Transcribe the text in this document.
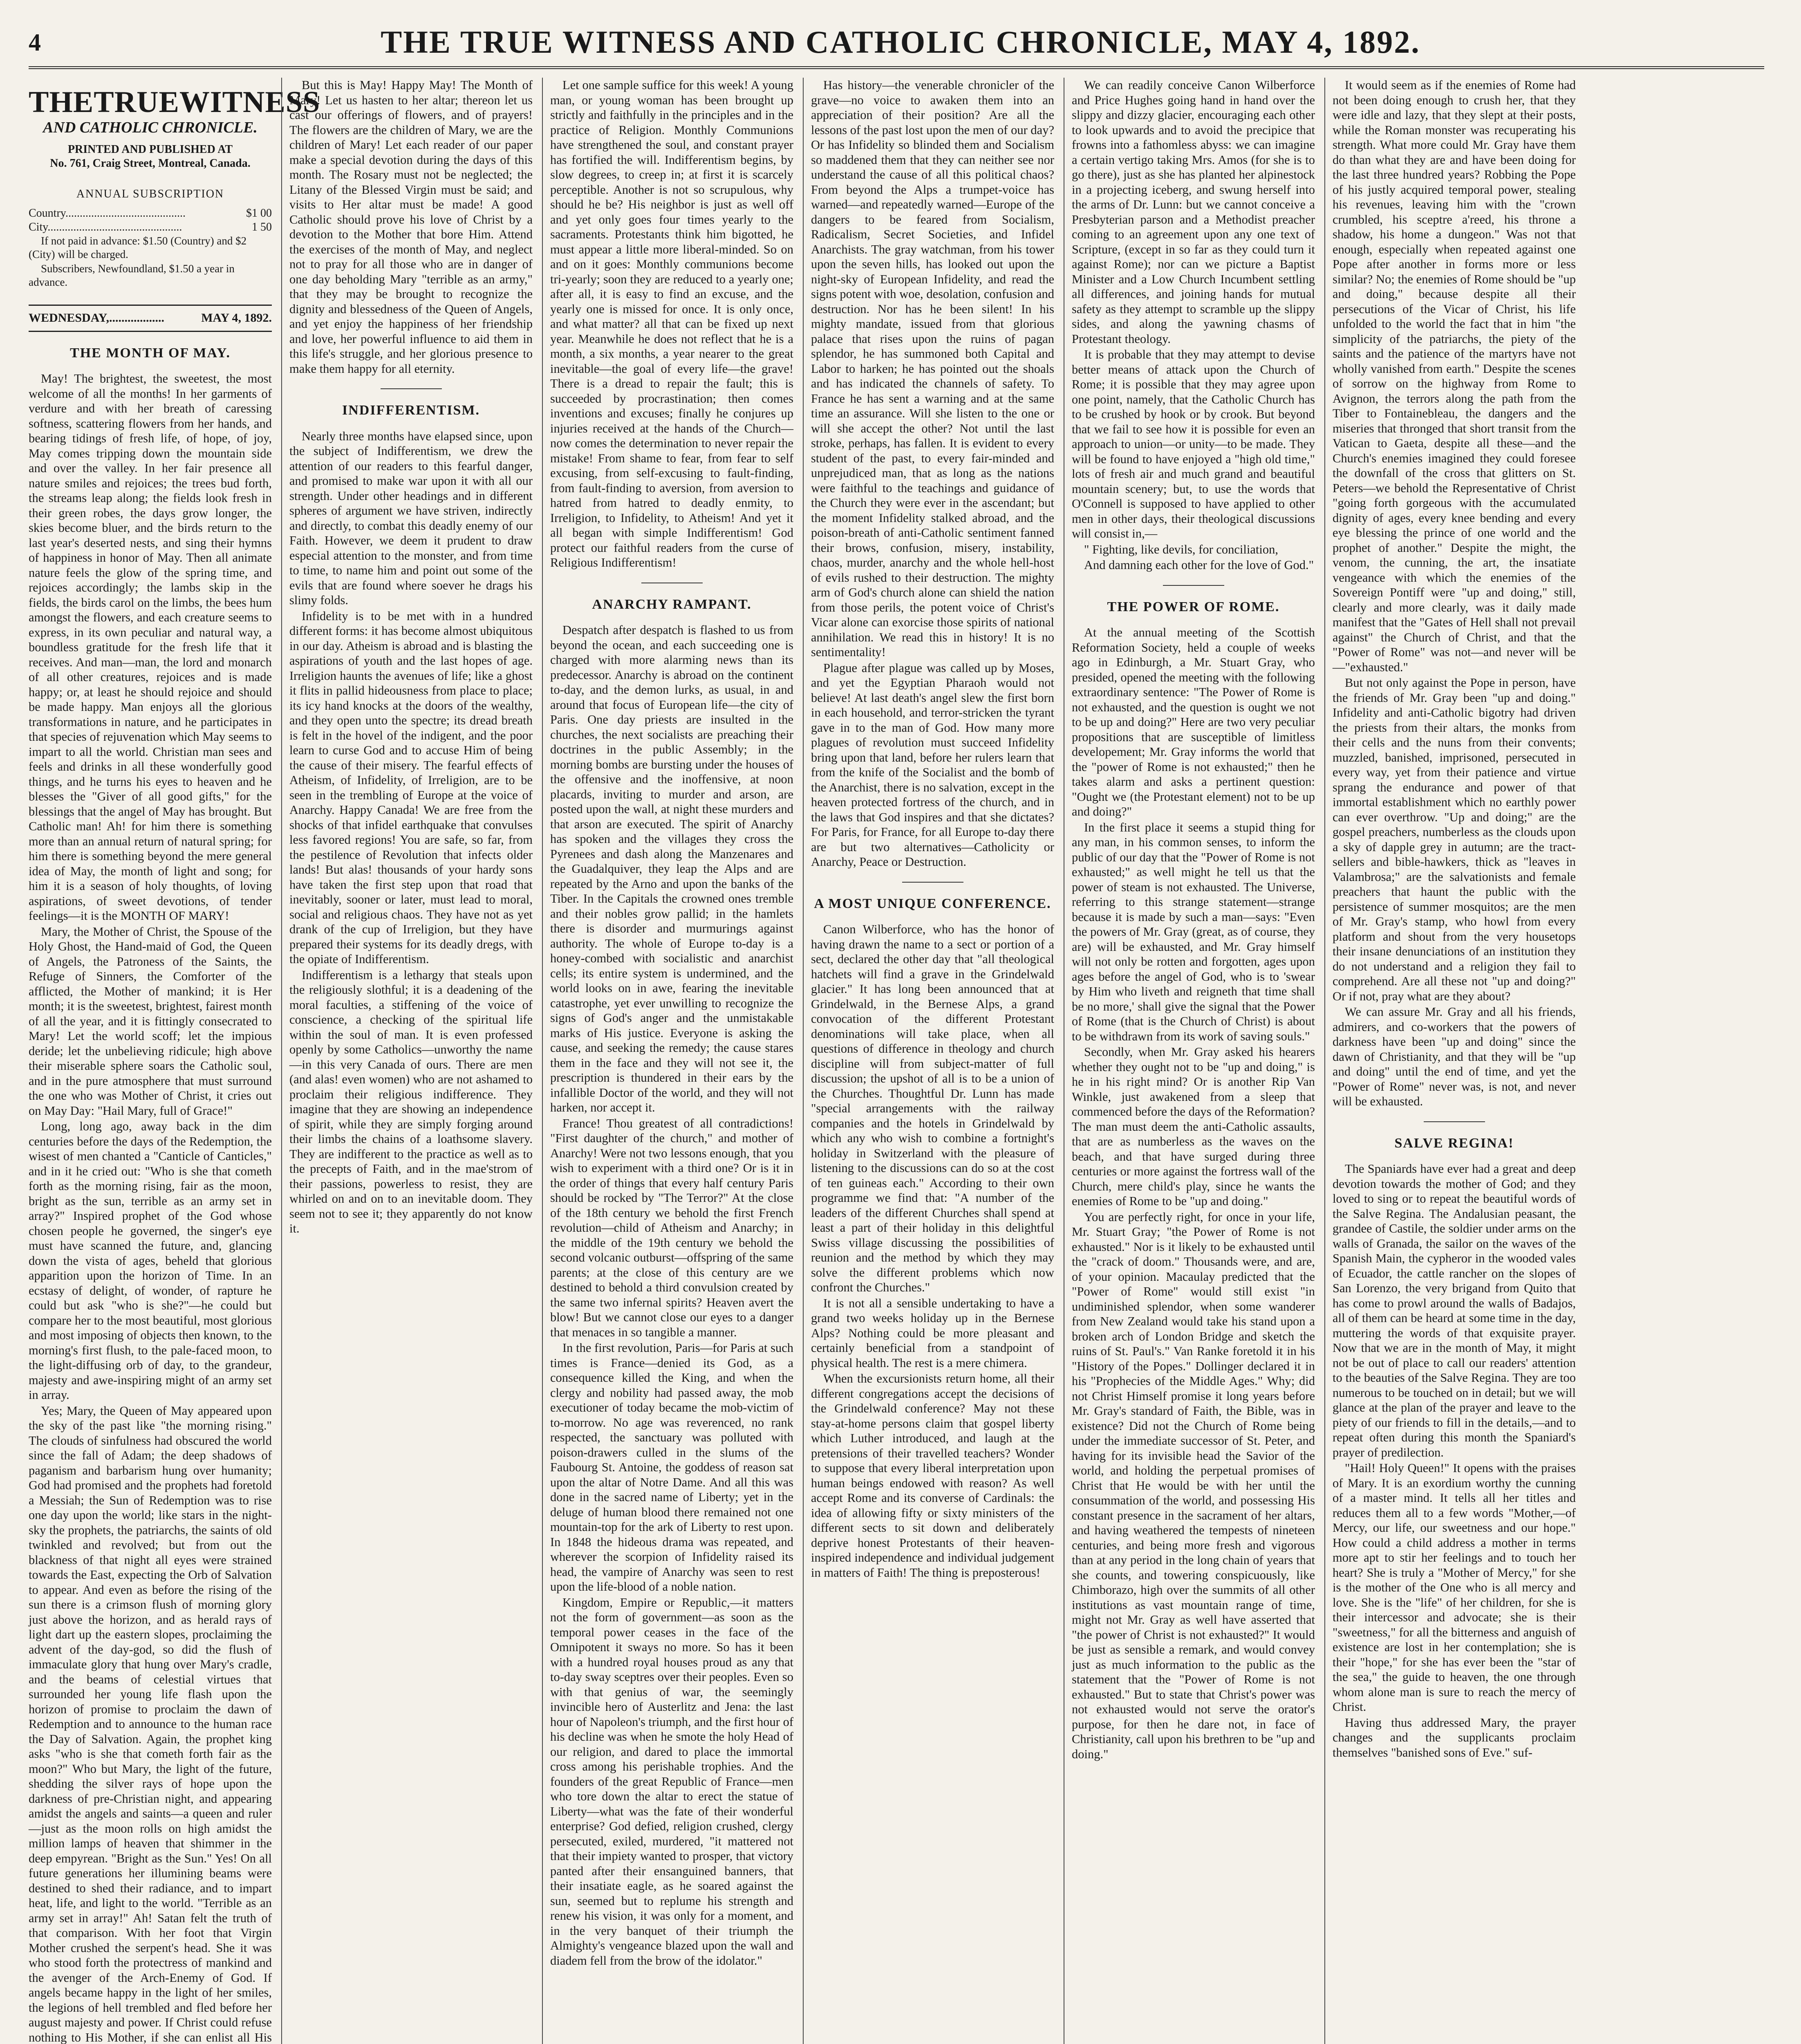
4	THE TRUE WITNESS AND CATHOLIC CHRONICLE, MAY 4, 1892.
THETRUEWITNESS
AND CATHOLIC CHRONICLE.
PRINTED AND PUBLISHED AT
No. 761, Craig Street, Montreal, Canada.
ANNUAL SUBSCRIPTION
Country..........................................	$1 00
City...............................................	1 50

If not paid in advance: $1.50 (Country) and $2 (City) will be charged.

Subscribers, Newfoundland, $1.50 a year in advance.

WEDNESDAY,..................	MAY 4, 1892.
THE MONTH OF MAY.

May! The brightest, the sweetest, the most welcome of all the months! In her garments of verdure and with her breath of caressing softness, scattering flowers from her hands, and bearing tidings of fresh life, of hope, of joy, May comes tripping down the mountain side and over the valley. In her fair presence all nature smiles and rejoices; the trees bud forth, the streams leap along; the fields look fresh in their green robes, the days grow longer, the skies become bluer, and the birds return to the last year's deserted nests, and sing their hymns of happiness in honor of May. Then all animate nature feels the glow of the spring time, and rejoices accordingly; the lambs skip in the fields, the birds carol on the limbs, the bees hum amongst the flowers, and each creature seems to express, in its own peculiar and natural way, a boundless gratitude for the fresh life that it receives. And man—man, the lord and monarch of all other creatures, rejoices and is made happy; or, at least he should rejoice and should be made happy. Man enjoys all the glorious transformations in nature, and he participates in that species of rejuvenation which May seems to impart to all the world. Christian man sees and feels and drinks in all these wonderfully good things, and he turns his eyes to heaven and he blesses the "Giver of all good gifts," for the blessings that the angel of May has brought. But Catholic man! Ah! for him there is something more than an annual return of natural spring; for him there is something beyond the mere general idea of May, the month of light and song; for him it is a season of holy thoughts, of loving aspirations, of sweet devotions, of tender feelings—it is the MONTH OF MARY!

Mary, the Mother of Christ, the Spouse of the Holy Ghost, the Hand-maid of God, the Queen of Angels, the Patroness of the Saints, the Refuge of Sinners, the Comforter of the afflicted, the Mother of mankind; it is Her month; it is the sweetest, brightest, fairest month of all the year, and it is fittingly consecrated to Mary! Let the world scoff; let the impious deride; let the unbelieving ridicule; high above their miserable sphere soars the Catholic soul, and in the pure atmosphere that must surround the one who was Mother of Christ, it cries out on May Day: "Hail Mary, full of Grace!"

Long, long ago, away back in the dim centuries before the days of the Redemption, the wisest of men chanted a "Canticle of Canticles," and in it he cried out: "Who is she that cometh forth as the morning rising, fair as the moon, bright as the sun, terrible as an army set in array?" Inspired prophet of the God whose chosen people he governed, the singer's eye must have scanned the future, and, glancing down the vista of ages, beheld that glorious apparition upon the horizon of Time. In an ecstasy of delight, of wonder, of rapture he could but ask "who is she?"—he could but compare her to the most beautiful, most glorious and most imposing of objects then known, to the morning's first flush, to the pale-faced moon, to the light-diffusing orb of day, to the grandeur, majesty and awe-inspiring might of an army set in array.

Yes; Mary, the Queen of May appeared upon the sky of the past like "the morning rising." The clouds of sinfulness had obscured the world since the fall of Adam; the deep shadows of paganism and barbarism hung over humanity; God had promised and the prophets had foretold a Messiah; the Sun of Redemption was to rise one day upon the world; like stars in the night-sky the prophets, the patriarchs, the saints of old twinkled and revolved; but from out the blackness of that night all eyes were strained towards the East, expecting the Orb of Salvation to appear. And even as before the rising of the sun there is a crimson flush of morning glory just above the horizon, and as herald rays of light dart up the eastern slopes, proclaiming the advent of the day-god, so did the flush of immaculate glory that hung over Mary's cradle, and the beams of celestial virtues that surrounded her young life flash upon the horizon of promise to proclaim the dawn of Redemption and to announce to the human race the Day of Salvation. Again, the prophet king asks "who is she that cometh forth fair as the moon?" Who but Mary, the light of the future, shedding the silver rays of hope upon the darkness of pre-Christian night, and appearing amidst the angels and saints—a queen and ruler—just as the moon rolls on high amidst the million lamps of heaven that shimmer in the deep empyrean. "Bright as the Sun." Yes! On all future generations her illumining beams were destined to shed their radiance, and to impart heat, life, and light to the world. "Terrible as an army set in array!" Ah! Satan felt the truth of that comparison. With her foot that Virgin Mother crushed the serpent's head. She it was who stood forth the protectress of mankind and the avenger of the Arch-Enemy of God. If angels became happy in the light of her smiles, the legions of hell trembled and fled before her august majesty and power. If Christ could refuse nothing to His Mother, if she can enlist all His

But this is May! Happy May! The Month of Mary! Let us hasten to her altar; thereon let us cast our offerings of flowers, and of prayers! The flowers are the children of Mary, we are the children of Mary! Let each reader of our paper make a special devotion during the days of this month. The Rosary must not be neglected; the Litany of the Blessed Virgin must be said; and visits to Her altar must be made! A good Catholic should prove his love of Christ by a devotion to the Mother that bore Him. Attend the exercises of the month of May, and neglect not to pray for all those who are in danger of one day beholding Mary "terrible as an army," that they may be brought to recognize the dignity and blessedness of the Queen of Angels, and yet enjoy the happiness of her friendship and love, her powerful influence to aid them in this life's struggle, and her glorious presence to make them happy for all eternity.

INDIFFERENTISM.

Nearly three months have elapsed since, upon the subject of Indifferentism, we drew the attention of our readers to this fearful danger, and promised to make war upon it with all our strength. Under other headings and in different spheres of argument we have striven, indirectly and directly, to combat this deadly enemy of our Faith. However, we deem it prudent to draw especial attention to the monster, and from time to time, to name him and point out some of the evils that are found where soever he drags his slimy folds.

Infidelity is to be met with in a hundred different forms: it has become almost ubiquitous in our day. Atheism is abroad and is blasting the aspirations of youth and the last hopes of age. Irreligion haunts the avenues of life; like a ghost it flits in pallid hideousness from place to place; its icy hand knocks at the doors of the wealthy, and they open unto the spectre; its dread breath is felt in the hovel of the indigent, and the poor learn to curse God and to accuse Him of being the cause of their misery. The fearful effects of Atheism, of Infidelity, of Irreligion, are to be seen in the trembling of Europe at the voice of Anarchy. Happy Canada! We are free from the shocks of that infidel earthquake that convulses less favored regions! You are safe, so far, from the pestilence of Revolution that infects older lands! But alas! thousands of your hardy sons have taken the first step upon that road that inevitably, sooner or later, must lead to moral, social and religious chaos. They have not as yet drank of the cup of Irreligion, but they have prepared their systems for its deadly dregs, with the opiate of Indifferentism.

Indifferentism is a lethargy that steals upon the religiously slothful; it is a deadening of the moral faculties, a stiffening of the voice of conscience, a checking of the spiritual life within the soul of man. It is even professed openly by some Catholics—unworthy the name—in this very Canada of ours. There are men (and alas! even women) who are not ashamed to proclaim their religious indifference. They imagine that they are showing an independence of spirit, while they are simply forging around their limbs the chains of a loathsome slavery. They are indifferent to the practice as well as to the precepts of Faith, and in the mae'strom of their passions, powerless to resist, they are whirled on and on to an inevitable doom. They seem not to see it; they apparently do not know it.

Let one sample suffice for this week! A young man, or young woman has been brought up strictly and faithfully in the principles and in the practice of Religion. Monthly Communions have strengthened the soul, and constant prayer has fortified the will. Indifferentism begins, by slow degrees, to creep in; at first it is scarcely perceptible. Another is not so scrupulous, why should he be? His neighbor is just as well off and yet only goes four times yearly to the sacraments. Protestants think him bigotted, he must appear a little more liberal-minded. So on and on it goes: Monthly communions become tri-yearly; soon they are reduced to a yearly one; after all, it is easy to find an excuse, and the yearly one is missed for once. It is only once, and what matter? all that can be fixed up next year. Meanwhile he does not reflect that he is a month, a six months, a year nearer to the great inevitable—the goal of every life—the grave! There is a dread to repair the fault; this is succeeded by procrastination; then comes inventions and excuses; finally he conjures up injuries received at the hands of the Church—now comes the determination to never repair the mistake! From shame to fear, from fear to self excusing, from self-excusing to fault-finding, from fault-finding to aversion, from aversion to hatred from hatred to deadly enmity, to Irreligion, to Infidelity, to Atheism! And yet it all began with simple Indifferentism! God protect our faithful readers from the curse of Religious Indifferentism!

ANARCHY RAMPANT.

Despatch after despatch is flashed to us from beyond the ocean, and each succeeding one is charged with more alarming news than its predecessor. Anarchy is abroad on the continent to-day, and the demon lurks, as usual, in and around that focus of European life—the city of Paris. One day priests are insulted in the churches, the next socialists are preaching their doctrines in the public Assembly; in the morning bombs are bursting under the houses of the offensive and the inoffensive, at noon placards, inviting to murder and arson, are posted upon the wall, at night these murders and that arson are executed. The spirit of Anarchy has spoken and the villages they cross the Pyrenees and dash along the Manzenares and the Guadalquiver, they leap the Alps and are repeated by the Arno and upon the banks of the Tiber. In the Capitals the crowned ones tremble and their nobles grow pallid; in the hamlets there is disorder and murmurings against authority. The whole of Europe to-day is a honey-combed with socialistic and anarchist cells; its entire system is undermined, and the world looks on in awe, fearing the inevitable catastrophe, yet ever unwilling to recognize the signs of God's anger and the unmistakable marks of His justice. Everyone is asking the cause, and seeking the remedy; the cause stares them in the face and they will not see it, the prescription is thundered in their ears by the infallible Doctor of the world, and they will not harken, nor accept it.

France! Thou greatest of all contradictions! "First daughter of the church," and mother of Anarchy! Were not two lessons enough, that you wish to experiment with a third one? Or is it in the order of things that every half century Paris should be rocked by "The Terror?" At the close of the 18th century we behold the first French revolution—child of Atheism and Anarchy; in the middle of the 19th century we behold the second volcanic outburst—offspring of the same parents; at the close of this century are we destined to behold a third convulsion created by the same two infernal spirits? Heaven avert the blow! But we cannot close our eyes to a danger that menaces in so tangible a manner.

In the first revolution, Paris—for Paris at such times is France—denied its God, as a consequence killed the King, and when the clergy and nobility had passed away, the mob executioner of today became the mob-victim of to-morrow. No age was reverenced, no rank respected, the sanctuary was polluted with poison-drawers culled in the slums of the Faubourg St. Antoine, the goddess of reason sat upon the altar of Notre Dame. And all this was done in the sacred name of Liberty; yet in the deluge of human blood there remained not one mountain-top for the ark of Liberty to rest upon. In 1848 the hideous drama was repeated, and wherever the scorpion of Infidelity raised its head, the vampire of Anarchy was seen to rest upon the life-blood of a noble nation.

Kingdom, Empire or Republic,—it matters not the form of government—as soon as the temporal power ceases in the face of the Omnipotent it sways no more. So has it been with a hundred royal houses proud as any that to-day sway sceptres over their peoples. Even so with that genius of war, the seemingly invincible hero of Austerlitz and Jena: the last hour of Napoleon's triumph, and the first hour of his decline was when he smote the holy Head of our religion, and dared to place the immortal cross among his perishable trophies. And the founders of the great Republic of France—men who tore down the altar to erect the statue of Liberty—what was the fate of their wonderful enterprise? God defied, religion crushed, clergy persecuted, exiled, murdered, "it mattered not that their impiety wanted to prosper, that victory panted after their ensanguined banners, that their insatiate eagle, as he soared against the sun, seemed but to replume his strength and renew his vision, it was only for a moment, and in the very banquet of their triumph the Almighty's vengeance blazed upon the wall and diadem fell from the brow of the idolator."

Has history—the venerable chronicler of the grave—no voice to awaken them into an appreciation of their position? Are all the lessons of the past lost upon the men of our day? Or has Infidelity so blinded them and Socialism so maddened them that they can neither see nor understand the cause of all this political chaos? From beyond the Alps a trumpet-voice has warned—and repeatedly warned—Europe of the dangers to be feared from Socialism, Radicalism, Secret Societies, and Infidel Anarchists. The gray watchman, from his tower upon the seven hills, has looked out upon the night-sky of European Infidelity, and read the signs potent with woe, desolation, confusion and destruction. Nor has he been silent! In his mighty mandate, issued from that glorious palace that rises upon the ruins of pagan splendor, he has summoned both Capital and Labor to harken; he has pointed out the shoals and has indicated the channels of safety. To France he has sent a warning and at the same time an assurance. Will she listen to the one or will she accept the other? Not until the last stroke, perhaps, has fallen. It is evident to every student of the past, to every fair-minded and unprejudiced man, that as long as the nations were faithful to the teachings and guidance of the Church they were ever in the ascendant; but the moment Infidelity stalked abroad, and the poison-breath of anti-Catholic sentiment fanned their brows, confusion, misery, instability, chaos, murder, anarchy and the whole hell-host of evils rushed to their destruction. The mighty arm of God's church alone can shield the nation from those perils, the potent voice of Christ's Vicar alone can exorcise those spirits of national annihilation. We read this in history! It is no sentimentality!

Plague after plague was called up by Moses, and yet the Egyptian Pharaoh would not believe! At last death's angel slew the first born in each household, and terror-stricken the tyrant gave in to the man of God. How many more plagues of revolution must succeed Infidelity bring upon that land, before her rulers learn that from the knife of the Socialist and the bomb of the Anarchist, there is no salvation, except in the heaven protected fortress of the church, and in the laws that God inspires and that she dictates? For Paris, for France, for all Europe to-day there are but two alternatives—Catholicity or Anarchy, Peace or Destruction.

A MOST UNIQUE CONFERENCE.

Canon Wilberforce, who has the honor of having drawn the name to a sect or portion of a sect, declared the other day that "all theological hatchets will find a grave in the Grindelwald glacier." It has long been announced that at Grindelwald, in the Bernese Alps, a grand convocation of the different Protestant denominations will take place, when all questions of difference in theology and church discipline will from subject-matter of full discussion; the upshot of all is to be a union of the Churches. Thoughtful Dr. Lunn has made "special arrangements with the railway companies and the hotels in Grindelwald by which any who wish to combine a fortnight's holiday in Switzerland with the pleasure of listening to the discussions can do so at the cost of ten guineas each." According to their own programme we find that: "A number of the leaders of the different Churches shall spend at least a part of their holiday in this delightful Swiss village discussing the possibilities of reunion and the method by which they may solve the different problems which now confront the Churches."

It is not all a sensible undertaking to have a grand two weeks holiday up in the Bernese Alps? Nothing could be more pleasant and certainly beneficial from a standpoint of physical health. The rest is a mere chimera.

When the excursionists return home, all their different congregations accept the decisions of the Grindelwald conference? May not these stay-at-home persons claim that gospel liberty which Luther introduced, and laugh at the pretensions of their travelled teachers? Wonder to suppose that every liberal interpretation upon human beings endowed with reason? As well accept Rome and its converse of Cardinals: the idea of allowing fifty or sixty ministers of the different sects to sit down and deliberately deprive honest Protestants of their heaven-inspired independence and individual judgement in matters of Faith! The thing is preposterous!

We can readily conceive Canon Wilberforce and Price Hughes going hand in hand over the slippy and dizzy glacier, encouraging each other to look upwards and to avoid the precipice that frowns into a fathomless abyss: we can imagine a certain vertigo taking Mrs. Amos (for she is to go there), just as she has planted her alpinestock in a projecting iceberg, and swung herself into the arms of Dr. Lunn: but we cannot conceive a Presbyterian parson and a Methodist preacher coming to an agreement upon any one text of Scripture, (except in so far as they could turn it against Rome); nor can we picture a Baptist Minister and a Low Church Incumbent settling all differences, and joining hands for mutual safety as they attempt to scramble up the slippy sides, and along the yawning chasms of Protestant theology.

It is probable that they may attempt to devise better means of attack upon the Church of Rome; it is possible that they may agree upon one point, namely, that the Catholic Church has to be crushed by hook or by crook. But beyond that we fail to see how it is possible for even an approach to union—or unity—to be made. They will be found to have enjoyed a "high old time," lots of fresh air and much grand and beautiful mountain scenery; but, to use the words that O'Connell is supposed to have applied to other men in other days, their theological discussions will consist in,—

" Fighting, like devils, for conciliation,

And damning each other for the love of God."

THE POWER OF ROME.

At the annual meeting of the Scottish Reformation Society, held a couple of weeks ago in Edinburgh, a Mr. Stuart Gray, who presided, opened the meeting with the following extraordinary sentence: "The Power of Rome is not exhausted, and the question is ought we not to be up and doing?" Here are two very peculiar propositions that are susceptible of limitless developement; Mr. Gray informs the world that the "power of Rome is not exhausted;" then he takes alarm and asks a pertinent question: "Ought we (the Protestant element) not to be up and doing?"

In the first place it seems a stupid thing for any man, in his common senses, to inform the public of our day that the "Power of Rome is not exhausted;" as well might he tell us that the power of steam is not exhausted. The Universe, referring to this strange statement—strange because it is made by such a man—says: "Even the powers of Mr. Gray (great, as of course, they are) will be exhausted, and Mr. Gray himself will not only be rotten and forgotten, ages upon ages before the angel of God, who is to 'swear by Him who liveth and reigneth that time shall be no more,' shall give the signal that the Power of Rome (that is the Church of Christ) is about to be withdrawn from its work of saving souls."

Secondly, when Mr. Gray asked his hearers whether they ought not to be "up and doing," is he in his right mind? Or is another Rip Van Winkle, just awakened from a sleep that commenced before the days of the Reformation? The man must deem the anti-Catholic assaults, that are as numberless as the waves on the beach, and that have surged during three centuries or more against the fortress wall of the Church, mere child's play, since he wants the enemies of Rome to be "up and doing."

You are perfectly right, for once in your life, Mr. Stuart Gray; "the Power of Rome is not exhausted." Nor is it likely to be exhausted until the "crack of doom." Thousands were, and are, of your opinion. Macaulay predicted that the "Power of Rome" would still exist "in undiminished splendor, when some wanderer from New Zealand would take his stand upon a broken arch of London Bridge and sketch the ruins of St. Paul's." Van Ranke foretold it in his "History of the Popes." Dollinger declared it in his "Prophecies of the Middle Ages." Why; did not Christ Himself promise it long years before Mr. Gray's standard of Faith, the Bible, was in existence? Did not the Church of Rome being under the immediate successor of St. Peter, and having for its invisible head the Savior of the world, and holding the perpetual promises of Christ that He would be with her until the consummation of the world, and possessing His constant presence in the sacrament of her altars, and having weathered the tempests of nineteen centuries, and being more fresh and vigorous than at any period in the long chain of years that she counts, and towering conspicuously, like Chimborazo, high over the summits of all other institutions as vast mountain range of time, might not Mr. Gray as well have asserted that "the power of Christ is not exhausted?" It would be just as sensible a remark, and would convey just as much information to the public as the statement that the "Power of Rome is not exhausted." But to state that Christ's power was not exhausted would not serve the orator's purpose, for then he dare not, in face of Christianity, call upon his brethren to be "up and doing."

It would seem as if the enemies of Rome had not been doing enough to crush her, that they were idle and lazy, that they slept at their posts, while the Roman monster was recuperating his strength. What more could Mr. Gray have them do than what they are and have been doing for the last three hundred years? Robbing the Pope of his justly acquired temporal power, stealing his revenues, leaving him with the "crown crumbled, his sceptre a'reed, his throne a shadow, his home a dungeon." Was not that enough, especially when repeated against one Pope after another in forms more or less similar? No; the enemies of Rome should be "up and doing," because despite all their persecutions of the Vicar of Christ, his life unfolded to the world the fact that in him "the simplicity of the patriarchs, the piety of the saints and the patience of the martyrs have not wholly vanished from earth." Despite the scenes of sorrow on the highway from Rome to Avignon, the terrors along the path from the Tiber to Fontainebleau, the dangers and the miseries that thronged that short transit from the Vatican to Gaeta, despite all these—and the Church's enemies imagined they could foresee the downfall of the cross that glitters on St. Peters—we behold the Representative of Christ "going forth gorgeous with the accumulated dignity of ages, every knee bending and every eye blessing the prince of one world and the prophet of another." Despite the might, the venom, the cunning, the art, the insatiate vengeance with which the enemies of the Sovereign Pontiff were "up and doing," still, clearly and more clearly, was it daily made manifest that the "Gates of Hell shall not prevail against" the Church of Christ, and that the "Power of Rome" was not—and never will be—"exhausted."

But not only against the Pope in person, have the friends of Mr. Gray been "up and doing." Infidelity and anti-Catholic bigotry had driven the priests from their altars, the monks from their cells and the nuns from their convents; muzzled, banished, imprisoned, persecuted in every way, yet from their patience and virtue sprang the endurance and power of that immortal establishment which no earthly power can ever overthrow. "Up and doing;" are the gospel preachers, numberless as the clouds upon a sky of dapple grey in autumn; are the tract-sellers and bible-hawkers, thick as "leaves in Valambrosa;" are the salvationists and female preachers that haunt the public with the persistence of summer mosquitos; are the men of Mr. Gray's stamp, who howl from every platform and shout from the very housetops their insane denunciations of an institution they do not understand and a religion they fail to comprehend. Are all these not "up and doing?" Or if not, pray what are they about?

We can assure Mr. Gray and all his friends, admirers, and co-workers that the powers of darkness have been "up and doing" since the dawn of Christianity, and that they will be "up and doing" until the end of time, and yet the "Power of Rome" never was, is not, and never will be exhausted.

SALVE REGINA!

The Spaniards have ever had a great and deep devotion towards the mother of God; and they loved to sing or to repeat the beautiful words of the Salve Regina. The Andalusian peasant, the grandee of Castile, the soldier under arms on the walls of Granada, the sailor on the waves of the Spanish Main, the cypheror in the wooded vales of Ecuador, the cattle rancher on the slopes of San Lorenzo, the very brigand from Quito that has come to prowl around the walls of Badajos, all of them can be heard at some time in the day, muttering the words of that exquisite prayer. Now that we are in the month of May, it might not be out of place to call our readers' attention to the beauties of the Salve Regina. They are too numerous to be touched on in detail; but we will glance at the plan of the prayer and leave to the piety of our friends to fill in the details,—and to repeat often during this month the Spaniard's prayer of predilection.

"Hail! Holy Queen!" It opens with the praises of Mary. It is an exordium worthy the cunning of a master mind. It tells all her titles and reduces them all to a few words "Mother,—of Mercy, our life, our sweetness and our hope." How could a child address a mother in terms more apt to stir her feelings and to touch her heart? She is truly a "Mother of Mercy," for she is the mother of the One who is all mercy and love. She is the "life" of her children, for she is their intercessor and advocate; she is their "sweetness," for all the bitterness and anguish of existence are lost in her contemplation; she is their "hope," for she has ever been the "star of the sea," the guide to heaven, the one through whom alone man is sure to reach the mercy of Christ.

Having thus addressed Mary, the prayer changes and the supplicants proclaim themselves "banished sons of Eve." suf-
